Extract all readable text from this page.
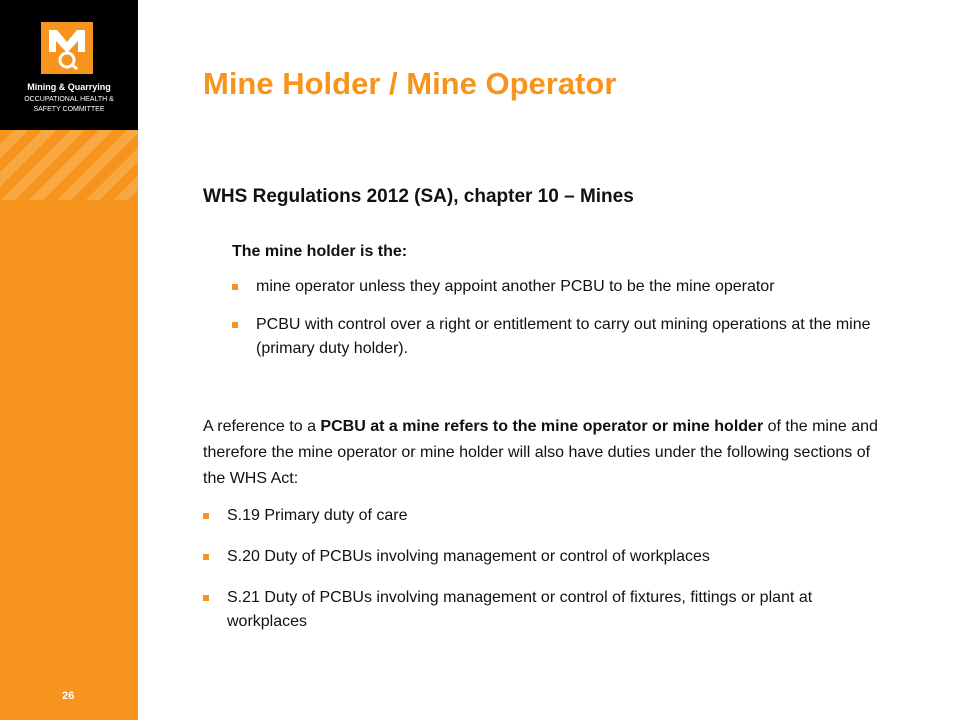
Mining & Quarrying
OCCUPATIONAL HEALTH &
SAFETY COMMITTEE
26
Mine Holder / Mine Operator
WHS Regulations 2012 (SA), chapter 10 – Mines

The mine holder is the:

mine operator unless they appoint another PCBU to be the mine operator
PCBU with control over a right or entitlement to carry out mining operations at the mine (primary duty holder).

A reference to a PCBU at a mine refers to the mine operator or mine holder of the mine and therefore the mine operator or mine holder will also have duties under the following sections of the WHS Act:

S.19 Primary duty of care
S.20 Duty of PCBUs involving management or control of workplaces
S.21 Duty of PCBUs involving management or control of fixtures, fittings or plant at workplaces
